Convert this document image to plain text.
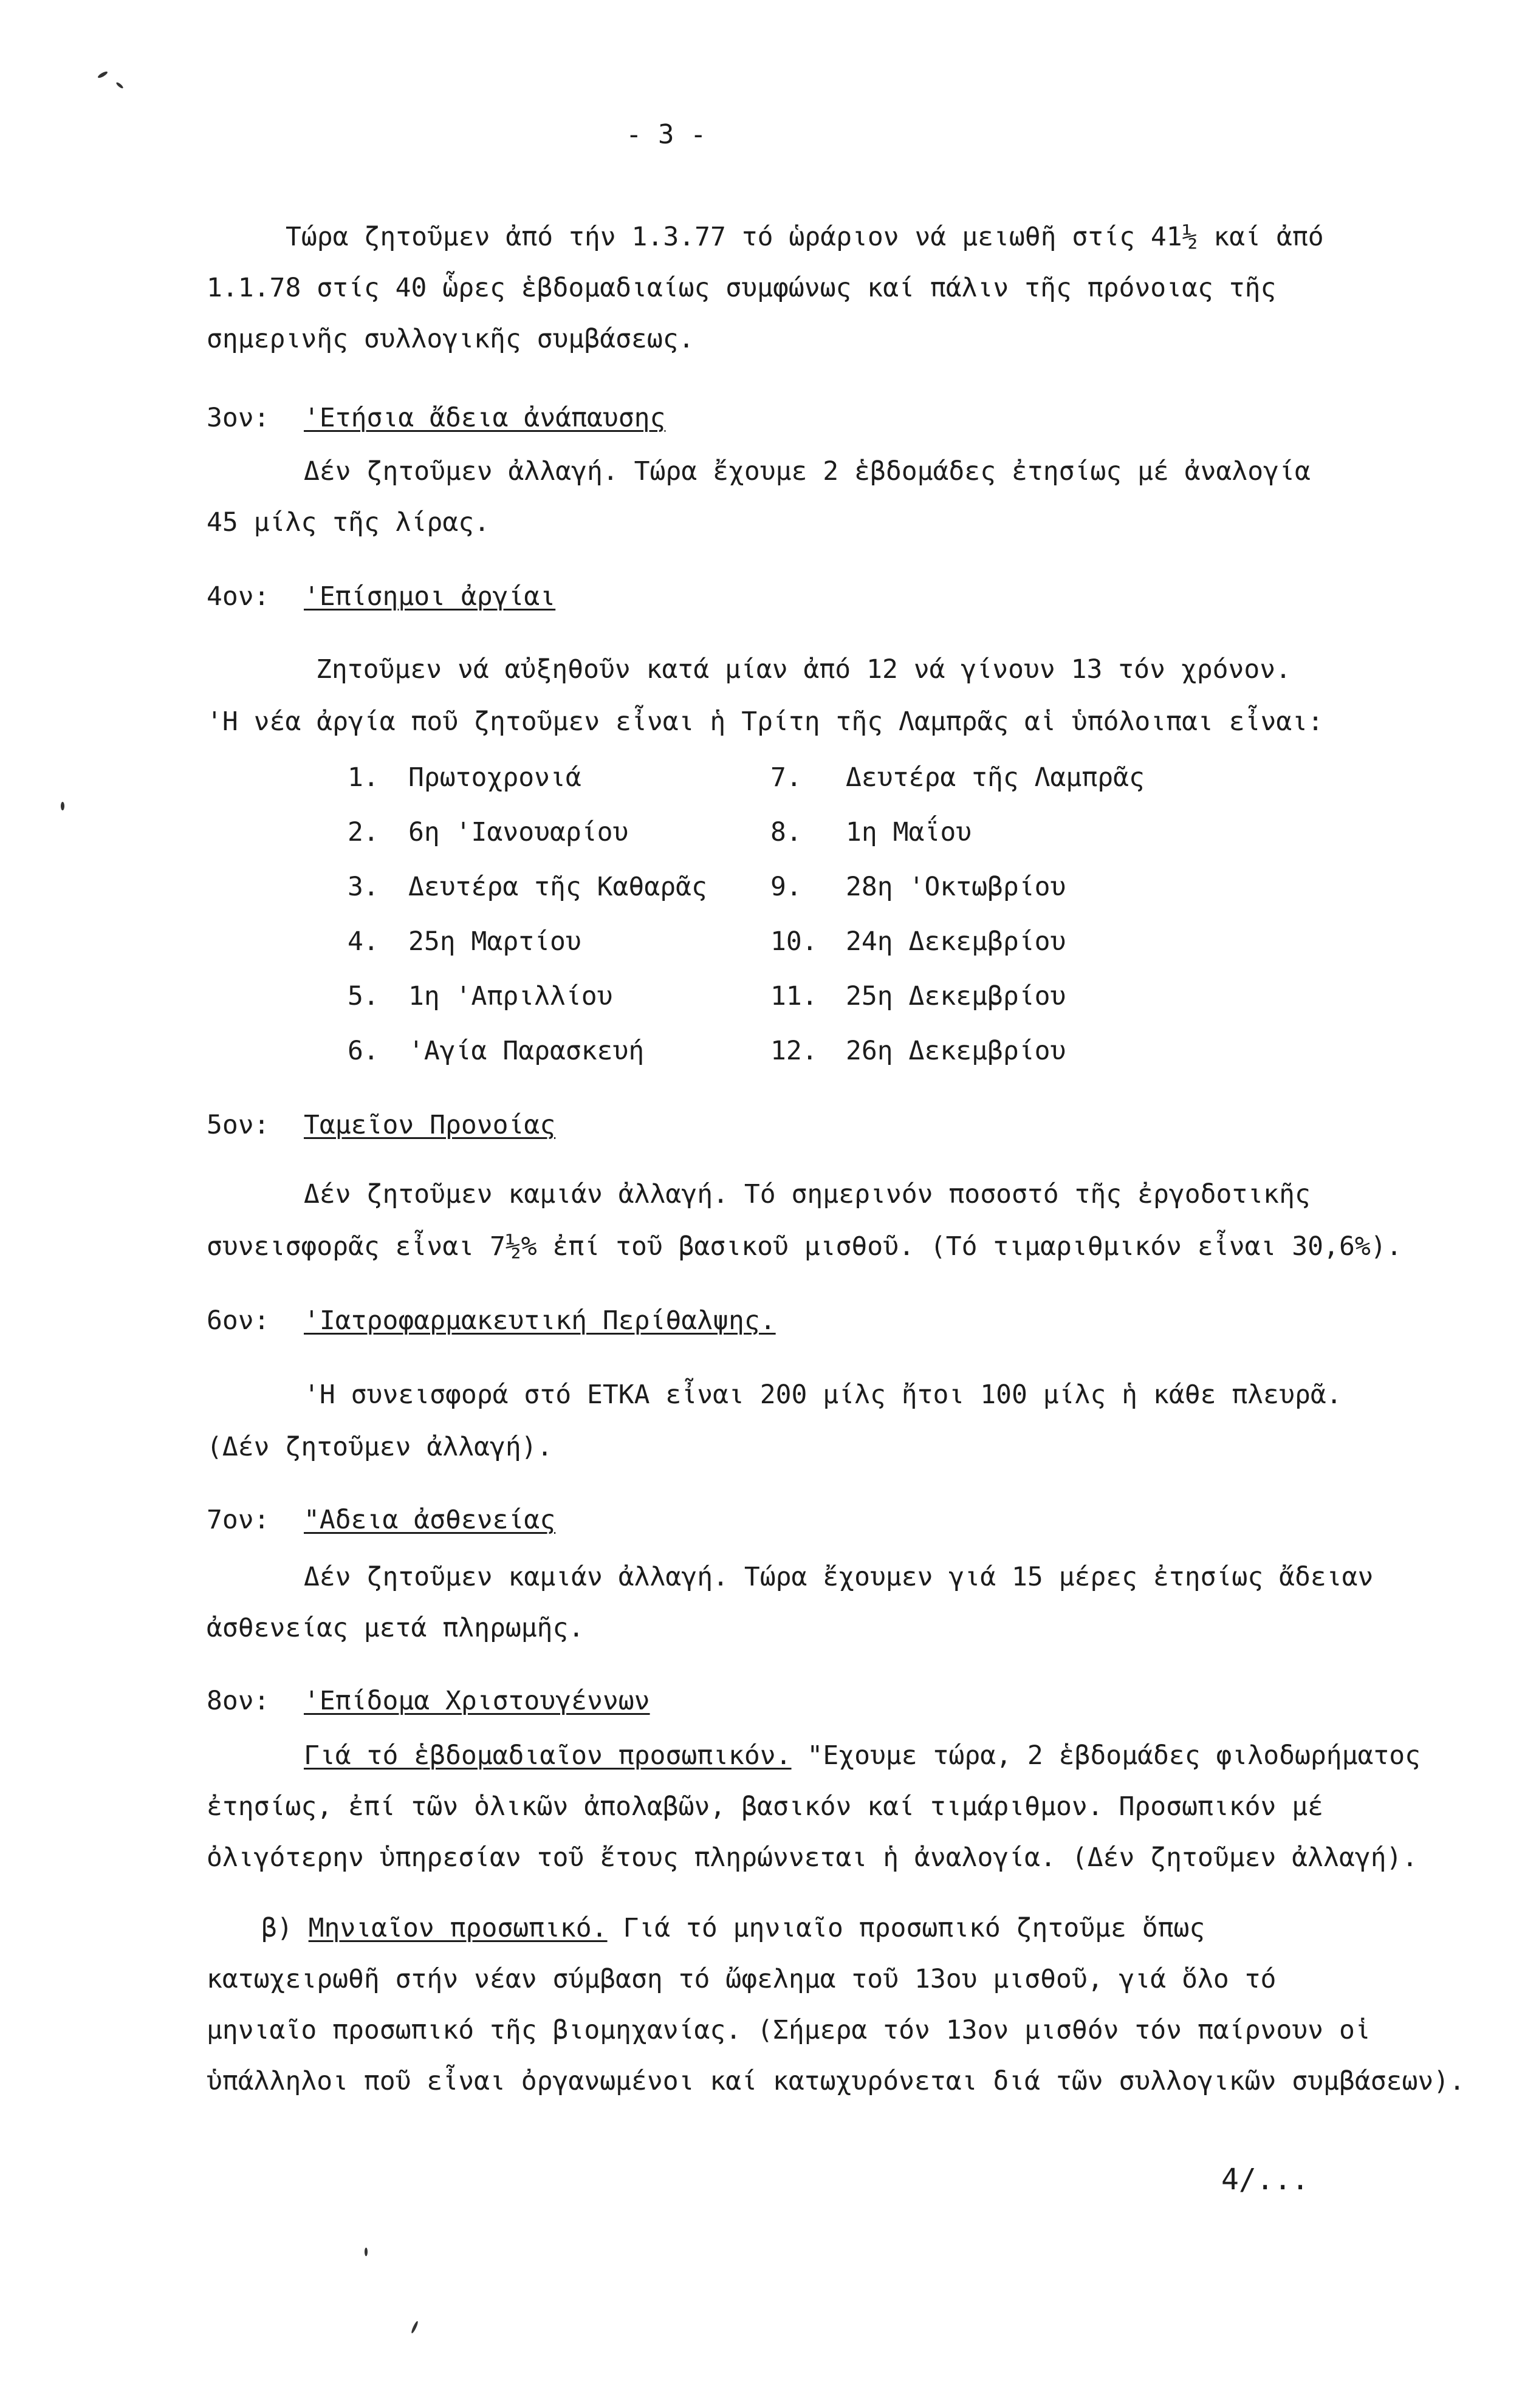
- 3 -
Τώρα ζητοῦμεν ἀπό τήν 1.3.77 τό ὡράριον νά μειωθῆ στίς 41½ καί ἀπό
1.1.78 στίς 40 ὧρες ἑβδομαδιαίως συμφώνως καί πάλιν τῆς πρόνοιας τῆς
σημερινῆς συλλογικῆς συμβάσεως.
3ον: 'Ετήσια ἄδεια ἀνάπαυσης
Δέν ζητοῦμεν ἀλλαγή. Τώρα ἔχουμε 2 ἑβδομάδες ἐτησίως μέ ἀναλογία
45 μίλς τῆς λίρας.
4ον: 'Επίσημοι ἀργίαι
Ζητοῦμεν νά αὐξηθοῦν κατά μίαν ἀπό 12 νά γίνουν 13 τόν χρόνον.
'Η νέα ἀργία ποῦ ζητοῦμεν εἶναι ἡ Τρίτη τῆς Λαμπρᾶς αἱ ὑπόλοιπαι εἶναι:
1. Πρωτοχρονιά
2. 6η 'Ιανουαρίου
3. Δευτέρα τῆς Καθαρᾶς
4. 25η Μαρτίου
5. 1η 'Απριλλίου
6. 'Αγία Παρασκευή
7. Δευτέρα τῆς Λαμπρᾶς
8. 1η Μαΐου
9. 28η 'Οκτωβρίου
10. 24η Δεκεμβρίου
11. 25η Δεκεμβρίου
12. 26η Δεκεμβρίου
5ον: Ταμεῖον Προνοίας
Δέν ζητοῦμεν καμιάν ἀλλαγή. Τό σημερινόν ποσοστό τῆς ἐργοδοτικῆς
συνεισφορᾶς εἶναι 7½% ἐπί τοῦ βασικοῦ μισθοῦ. (Τό τιμαριθμικόν εἶναι 30,6%).
6ον: 'Ιατροφαρμακευτική Περίθαλψης.
'Η συνεισφορά στό ΕΤΚΑ εἶναι 200 μίλς ἤτοι 100 μίλς ἡ κάθε πλευρᾶ.
(Δέν ζητοῦμεν ἀλλαγή).
7ον: "Αδεια ἀσθενείας
Δέν ζητοῦμεν καμιάν ἀλλαγή. Τώρα ἔχουμεν γιά 15 μέρες ἐτησίως ἄδειαν
ἀσθενείας μετά πληρωμῆς.
8ον: 'Επίδομα Χριστουγέννων
Γιά τό ἑβδομαδιαῖον προσωπικόν. "Εχουμε τώρα, 2 ἑβδομάδες φιλοδωρήματος
ἐτησίως, ἐπί τῶν ὁλικῶν ἀπολαβῶν, βασικόν καί τιμάριθμον. Προσωπικόν μέ
ὀλιγότερην ὑπηρεσίαν τοῦ ἔτους πληρώννεται ἡ ἀναλογία. (Δέν ζητοῦμεν ἀλλαγή).
β) Μηνιαῖον προσωπικό. Γιά τό μηνιαῖο προσωπικό ζητοῦμε ὅπως
κατωχειρωθῆ στήν νέαν σύμβαση τό ὤφελημα τοῦ 13ου μισθοῦ, γιά ὅλο τό
μηνιαῖο προσωπικό τῆς βιομηχανίας. (Σήμερα τόν 13ον μισθόν τόν παίρνουν οἱ
ὑπάλληλοι ποῦ εἶναι ὀργανωμένοι καί κατωχυρόνεται διά τῶν συλλογικῶν συμβάσεων).
4/...
